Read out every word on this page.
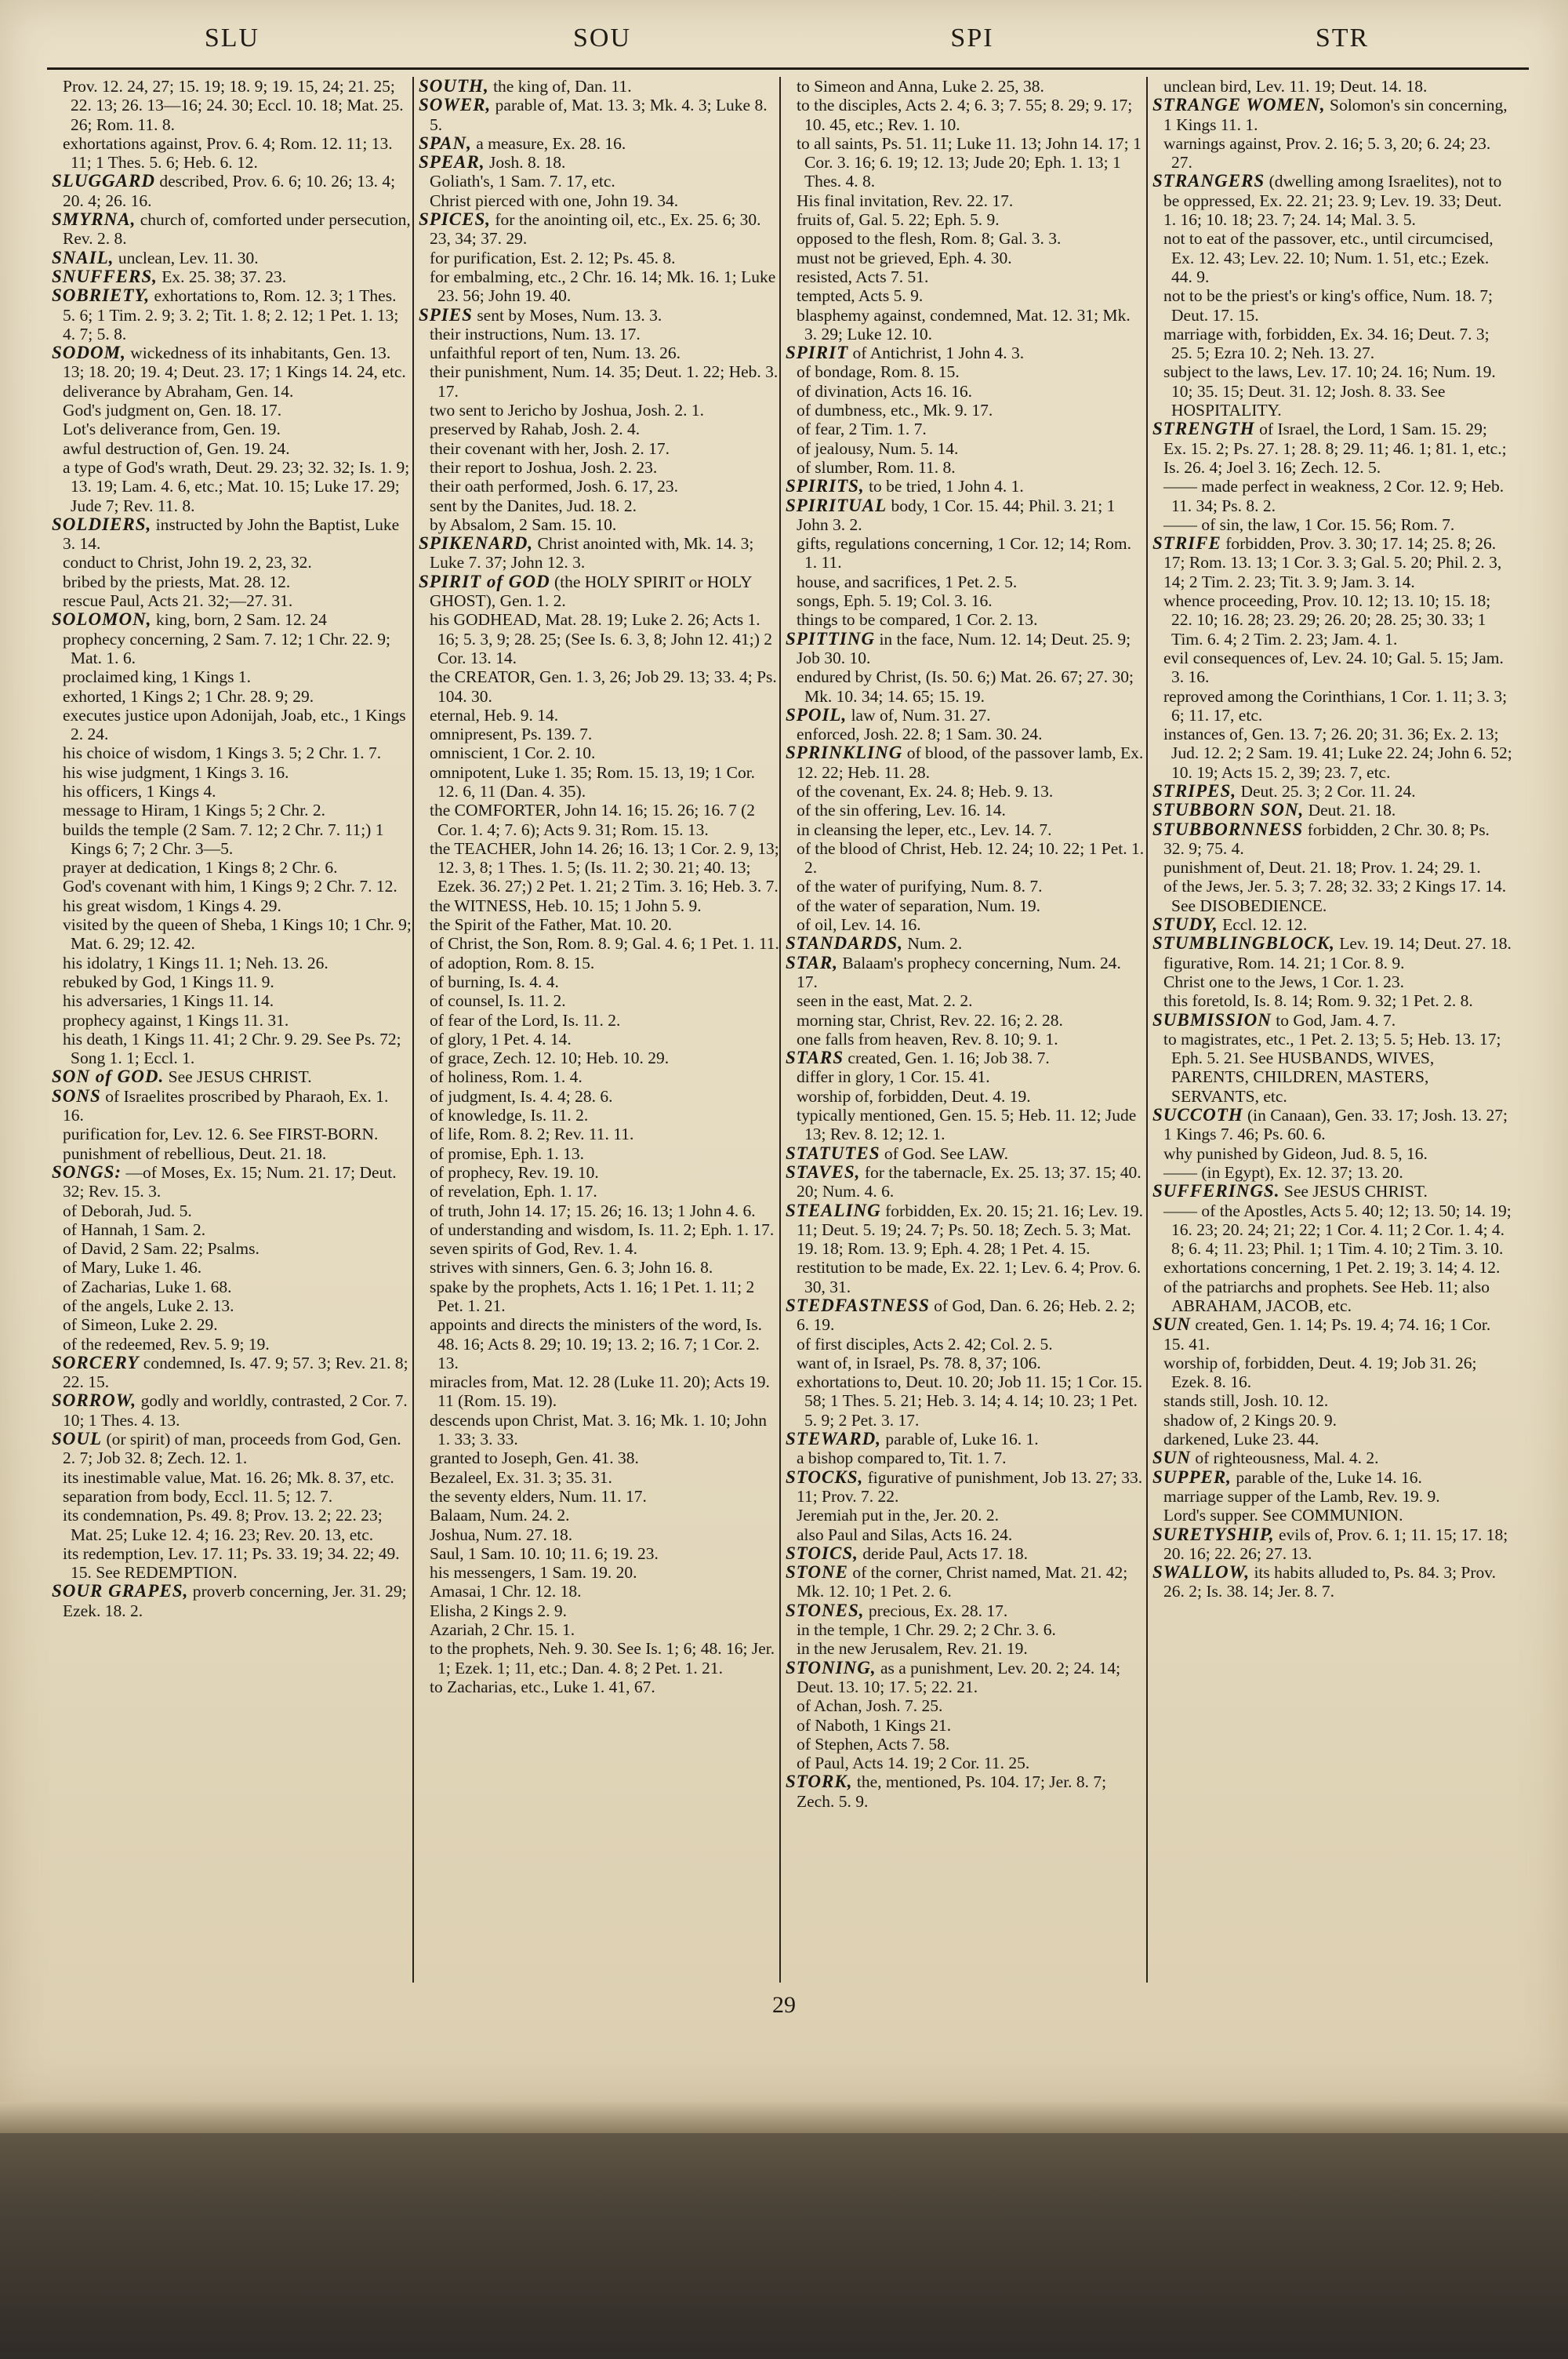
SLU	SOU	SPI	STR

Prov. 12. 24, 27; 15. 19; 18. 9; 19. 15, 24; 21. 25; 22. 13; 26. 13—16; 24. 30; Eccl. 10. 18; Mat. 25. 26; Rom. 11. 8.

exhortations against, Prov. 6. 4; Rom. 12. 11; 13. 11; 1 Thes. 5. 6; Heb. 6. 12.

SLUGGARD described, Prov. 6. 6; 10. 26; 13. 4; 20. 4; 26. 16.

SMYRNA, church of, comforted under persecution, Rev. 2. 8.

SNAIL, unclean, Lev. 11. 30.

SNUFFERS, Ex. 25. 38; 37. 23.

SOBRIETY, exhortations to, Rom. 12. 3; 1 Thes. 5. 6; 1 Tim. 2. 9; 3. 2; Tit. 1. 8; 2. 12; 1 Pet. 1. 13; 4. 7; 5. 8.

SODOM, wickedness of its inhabitants, Gen. 13. 13; 18. 20; 19. 4; Deut. 23. 17; 1 Kings 14. 24, etc.

deliverance by Abraham, Gen. 14.

God's judgment on, Gen. 18. 17.

Lot's deliverance from, Gen. 19.

awful destruction of, Gen. 19. 24.

a type of God's wrath, Deut. 29. 23; 32. 32; Is. 1. 9; 13. 19; Lam. 4. 6, etc.; Mat. 10. 15; Luke 17. 29; Jude 7; Rev. 11. 8.

SOLDIERS, instructed by John the Baptist, Luke 3. 14.

conduct to Christ, John 19. 2, 23, 32.

bribed by the priests, Mat. 28. 12.

rescue Paul, Acts 21. 32;—27. 31.

SOLOMON, king, born, 2 Sam. 12. 24

prophecy concerning, 2 Sam. 7. 12; 1 Chr. 22. 9; Mat. 1. 6.

proclaimed king, 1 Kings 1.

exhorted, 1 Kings 2; 1 Chr. 28. 9; 29.

executes justice upon Adonijah, Joab, etc., 1 Kings 2. 24.

his choice of wisdom, 1 Kings 3. 5; 2 Chr. 1. 7.

his wise judgment, 1 Kings 3. 16.

his officers, 1 Kings 4.

message to Hiram, 1 Kings 5; 2 Chr. 2.

builds the temple (2 Sam. 7. 12; 2 Chr. 7. 11;) 1 Kings 6; 7; 2 Chr. 3—5.

prayer at dedication, 1 Kings 8; 2 Chr. 6.

God's covenant with him, 1 Kings 9; 2 Chr. 7. 12.

his great wisdom, 1 Kings 4. 29.

visited by the queen of Sheba, 1 Kings 10; 1 Chr. 9; Mat. 6. 29; 12. 42.

his idolatry, 1 Kings 11. 1; Neh. 13. 26.

rebuked by God, 1 Kings 11. 9.

his adversaries, 1 Kings 11. 14.

prophecy against, 1 Kings 11. 31.

his death, 1 Kings 11. 41; 2 Chr. 9. 29. See Ps. 72; Song 1. 1; Eccl. 1.

SON of GOD. See JESUS CHRIST.

SONS of Israelites proscribed by Pharaoh, Ex. 1. 16.

purification for, Lev. 12. 6. See FIRST-BORN.

punishment of rebellious, Deut. 21. 18.

SONGS: —of Moses, Ex. 15; Num. 21. 17; Deut. 32; Rev. 15. 3.

of Deborah, Jud. 5.

of Hannah, 1 Sam. 2.

of David, 2 Sam. 22; Psalms.

of Mary, Luke 1. 46.

of Zacharias, Luke 1. 68.

of the angels, Luke 2. 13.

of Simeon, Luke 2. 29.

of the redeemed, Rev. 5. 9; 19.

SORCERY condemned, Is. 47. 9; 57. 3; Rev. 21. 8; 22. 15.

SORROW, godly and worldly, contrasted, 2 Cor. 7. 10; 1 Thes. 4. 13.

SOUL (or spirit) of man, proceeds from God, Gen. 2. 7; Job 32. 8; Zech. 12. 1.

its inestimable value, Mat. 16. 26; Mk. 8. 37, etc.

separation from body, Eccl. 11. 5; 12. 7.

its condemnation, Ps. 49. 8; Prov. 13. 2; 22. 23; Mat. 25; Luke 12. 4; 16. 23; Rev. 20. 13, etc.

its redemption, Lev. 17. 11; Ps. 33. 19; 34. 22; 49. 15. See REDEMPTION.

SOUR GRAPES, proverb concerning, Jer. 31. 29; Ezek. 18. 2.

SOUTH, the king of, Dan. 11.

SOWER, parable of, Mat. 13. 3; Mk. 4. 3; Luke 8. 5.

SPAN, a measure, Ex. 28. 16.

SPEAR, Josh. 8. 18.

Goliath's, 1 Sam. 7. 17, etc.

Christ pierced with one, John 19. 34.

SPICES, for the anointing oil, etc., Ex. 25. 6; 30. 23, 34; 37. 29.

for purification, Est. 2. 12; Ps. 45. 8.

for embalming, etc., 2 Chr. 16. 14; Mk. 16. 1; Luke 23. 56; John 19. 40.

SPIES sent by Moses, Num. 13. 3.

their instructions, Num. 13. 17.

unfaithful report of ten, Num. 13. 26.

their punishment, Num. 14. 35; Deut. 1. 22; Heb. 3. 17.

two sent to Jericho by Joshua, Josh. 2. 1.

preserved by Rahab, Josh. 2. 4.

their covenant with her, Josh. 2. 17.

their report to Joshua, Josh. 2. 23.

their oath performed, Josh. 6. 17, 23.

sent by the Danites, Jud. 18. 2.

by Absalom, 2 Sam. 15. 10.

SPIKENARD, Christ anointed with, Mk. 14. 3; Luke 7. 37; John 12. 3.

SPIRIT of GOD (the HOLY SPIRIT or HOLY GHOST), Gen. 1. 2.

his GODHEAD, Mat. 28. 19; Luke 2. 26; Acts 1. 16; 5. 3, 9; 28. 25; (See Is. 6. 3, 8; John 12. 41;) 2 Cor. 13. 14.

the CREATOR, Gen. 1. 3, 26; Job 29. 13; 33. 4; Ps. 104. 30.

eternal, Heb. 9. 14.

omnipresent, Ps. 139. 7.

omniscient, 1 Cor. 2. 10.

omnipotent, Luke 1. 35; Rom. 15. 13, 19; 1 Cor. 12. 6, 11 (Dan. 4. 35).

the COMFORTER, John 14. 16; 15. 26; 16. 7 (2 Cor. 1. 4; 7. 6); Acts 9. 31; Rom. 15. 13.

the TEACHER, John 14. 26; 16. 13; 1 Cor. 2. 9, 13; 12. 3, 8; 1 Thes. 1. 5; (Is. 11. 2; 30. 21; 40. 13; Ezek. 36. 27;) 2 Pet. 1. 21; 2 Tim. 3. 16; Heb. 3. 7.

the WITNESS, Heb. 10. 15; 1 John 5. 9.

the Spirit of the Father, Mat. 10. 20.

of Christ, the Son, Rom. 8. 9; Gal. 4. 6; 1 Pet. 1. 11.

of adoption, Rom. 8. 15.

of burning, Is. 4. 4.

of counsel, Is. 11. 2.

of fear of the Lord, Is. 11. 2.

of glory, 1 Pet. 4. 14.

of grace, Zech. 12. 10; Heb. 10. 29.

of holiness, Rom. 1. 4.

of judgment, Is. 4. 4; 28. 6.

of knowledge, Is. 11. 2.

of life, Rom. 8. 2; Rev. 11. 11.

of promise, Eph. 1. 13.

of prophecy, Rev. 19. 10.

of revelation, Eph. 1. 17.

of truth, John 14. 17; 15. 26; 16. 13; 1 John 4. 6.

of understanding and wisdom, Is. 11. 2; Eph. 1. 17.

seven spirits of God, Rev. 1. 4.

strives with sinners, Gen. 6. 3; John 16. 8.

spake by the prophets, Acts 1. 16; 1 Pet. 1. 11; 2 Pet. 1. 21.

appoints and directs the ministers of the word, Is. 48. 16; Acts 8. 29; 10. 19; 13. 2; 16. 7; 1 Cor. 2. 13.

miracles from, Mat. 12. 28 (Luke 11. 20); Acts 19. 11 (Rom. 15. 19).

descends upon Christ, Mat. 3. 16; Mk. 1. 10; John 1. 33; 3. 33.

granted to Joseph, Gen. 41. 38.

Bezaleel, Ex. 31. 3; 35. 31.

the seventy elders, Num. 11. 17.

Balaam, Num. 24. 2.

Joshua, Num. 27. 18.

Saul, 1 Sam. 10. 10; 11. 6; 19. 23.

his messengers, 1 Sam. 19. 20.

Amasai, 1 Chr. 12. 18.

Elisha, 2 Kings 2. 9.

Azariah, 2 Chr. 15. 1.

to the prophets, Neh. 9. 30. See Is. 1; 6; 48. 16; Jer. 1; Ezek. 1; 11, etc.; Dan. 4. 8; 2 Pet. 1. 21.

to Zacharias, etc., Luke 1. 41, 67.

to Simeon and Anna, Luke 2. 25, 38.

to the disciples, Acts 2. 4; 6. 3; 7. 55; 8. 29; 9. 17; 10. 45, etc.; Rev. 1. 10.

to all saints, Ps. 51. 11; Luke 11. 13; John 14. 17; 1 Cor. 3. 16; 6. 19; 12. 13; Jude 20; Eph. 1. 13; 1 Thes. 4. 8.

His final invitation, Rev. 22. 17.

fruits of, Gal. 5. 22; Eph. 5. 9.

opposed to the flesh, Rom. 8; Gal. 3. 3.

must not be grieved, Eph. 4. 30.

resisted, Acts 7. 51.

tempted, Acts 5. 9.

blasphemy against, condemned, Mat. 12. 31; Mk. 3. 29; Luke 12. 10.

SPIRIT of Antichrist, 1 John 4. 3.

of bondage, Rom. 8. 15.

of divination, Acts 16. 16.

of dumbness, etc., Mk. 9. 17.

of fear, 2 Tim. 1. 7.

of jealousy, Num. 5. 14.

of slumber, Rom. 11. 8.

SPIRITS, to be tried, 1 John 4. 1.

SPIRITUAL body, 1 Cor. 15. 44; Phil. 3. 21; 1 John 3. 2.

gifts, regulations concerning, 1 Cor. 12; 14; Rom. 1. 11.

house, and sacrifices, 1 Pet. 2. 5.

songs, Eph. 5. 19; Col. 3. 16.

things to be compared, 1 Cor. 2. 13.

SPITTING in the face, Num. 12. 14; Deut. 25. 9; Job 30. 10.

endured by Christ, (Is. 50. 6;) Mat. 26. 67; 27. 30; Mk. 10. 34; 14. 65; 15. 19.

SPOIL, law of, Num. 31. 27.

enforced, Josh. 22. 8; 1 Sam. 30. 24.

SPRINKLING of blood, of the passover lamb, Ex. 12. 22; Heb. 11. 28.

of the covenant, Ex. 24. 8; Heb. 9. 13.

of the sin offering, Lev. 16. 14.

in cleansing the leper, etc., Lev. 14. 7.

of the blood of Christ, Heb. 12. 24; 10. 22; 1 Pet. 1. 2.

of the water of purifying, Num. 8. 7.

of the water of separation, Num. 19.

of oil, Lev. 14. 16.

STANDARDS, Num. 2.

STAR, Balaam's prophecy concerning, Num. 24. 17.

seen in the east, Mat. 2. 2.

morning star, Christ, Rev. 22. 16; 2. 28.

one falls from heaven, Rev. 8. 10; 9. 1.

STARS created, Gen. 1. 16; Job 38. 7.

differ in glory, 1 Cor. 15. 41.

worship of, forbidden, Deut. 4. 19.

typically mentioned, Gen. 15. 5; Heb. 11. 12; Jude 13; Rev. 8. 12; 12. 1.

STATUTES of God. See LAW.

STAVES, for the tabernacle, Ex. 25. 13; 37. 15; 40. 20; Num. 4. 6.

STEALING forbidden, Ex. 20. 15; 21. 16; Lev. 19. 11; Deut. 5. 19; 24. 7; Ps. 50. 18; Zech. 5. 3; Mat. 19. 18; Rom. 13. 9; Eph. 4. 28; 1 Pet. 4. 15.

restitution to be made, Ex. 22. 1; Lev. 6. 4; Prov. 6. 30, 31.

STEDFASTNESS of God, Dan. 6. 26; Heb. 2. 2; 6. 19.

of first disciples, Acts 2. 42; Col. 2. 5.

want of, in Israel, Ps. 78. 8, 37; 106.

exhortations to, Deut. 10. 20; Job 11. 15; 1 Cor. 15. 58; 1 Thes. 5. 21; Heb. 3. 14; 4. 14; 10. 23; 1 Pet. 5. 9; 2 Pet. 3. 17.

STEWARD, parable of, Luke 16. 1.

a bishop compared to, Tit. 1. 7.

STOCKS, figurative of punishment, Job 13. 27; 33. 11; Prov. 7. 22.

Jeremiah put in the, Jer. 20. 2.

also Paul and Silas, Acts 16. 24.

STOICS, deride Paul, Acts 17. 18.

STONE of the corner, Christ named, Mat. 21. 42; Mk. 12. 10; 1 Pet. 2. 6.

STONES, precious, Ex. 28. 17.

in the temple, 1 Chr. 29. 2; 2 Chr. 3. 6.

in the new Jerusalem, Rev. 21. 19.

STONING, as a punishment, Lev. 20. 2; 24. 14; Deut. 13. 10; 17. 5; 22. 21.

of Achan, Josh. 7. 25.

of Naboth, 1 Kings 21.

of Stephen, Acts 7. 58.

of Paul, Acts 14. 19; 2 Cor. 11. 25.

STORK, the, mentioned, Ps. 104. 17; Jer. 8. 7; Zech. 5. 9.

unclean bird, Lev. 11. 19; Deut. 14. 18.

STRANGE WOMEN, Solomon's sin concerning, 1 Kings 11. 1.

warnings against, Prov. 2. 16; 5. 3, 20; 6. 24; 23. 27.

STRANGERS (dwelling among Israelites), not to be oppressed, Ex. 22. 21; 23. 9; Lev. 19. 33; Deut. 1. 16; 10. 18; 23. 7; 24. 14; Mal. 3. 5.

not to eat of the passover, etc., until circumcised, Ex. 12. 43; Lev. 22. 10; Num. 1. 51, etc.; Ezek. 44. 9.

not to be the priest's or king's office, Num. 18. 7; Deut. 17. 15.

marriage with, forbidden, Ex. 34. 16; Deut. 7. 3; 25. 5; Ezra 10. 2; Neh. 13. 27.

subject to the laws, Lev. 17. 10; 24. 16; Num. 19. 10; 35. 15; Deut. 31. 12; Josh. 8. 33. See HOSPITALITY.

STRENGTH of Israel, the Lord, 1 Sam. 15. 29; Ex. 15. 2; Ps. 27. 1; 28. 8; 29. 11; 46. 1; 81. 1, etc.; Is. 26. 4; Joel 3. 16; Zech. 12. 5.

—— made perfect in weakness, 2 Cor. 12. 9; Heb. 11. 34; Ps. 8. 2.

—— of sin, the law, 1 Cor. 15. 56; Rom. 7.

STRIFE forbidden, Prov. 3. 30; 17. 14; 25. 8; 26. 17; Rom. 13. 13; 1 Cor. 3. 3; Gal. 5. 20; Phil. 2. 3, 14; 2 Tim. 2. 23; Tit. 3. 9; Jam. 3. 14.

whence proceeding, Prov. 10. 12; 13. 10; 15. 18; 22. 10; 16. 28; 23. 29; 26. 20; 28. 25; 30. 33; 1 Tim. 6. 4; 2 Tim. 2. 23; Jam. 4. 1.

evil consequences of, Lev. 24. 10; Gal. 5. 15; Jam. 3. 16.

reproved among the Corinthians, 1 Cor. 1. 11; 3. 3; 6; 11. 17, etc.

instances of, Gen. 13. 7; 26. 20; 31. 36; Ex. 2. 13; Jud. 12. 2; 2 Sam. 19. 41; Luke 22. 24; John 6. 52; 10. 19; Acts 15. 2, 39; 23. 7, etc.

STRIPES, Deut. 25. 3; 2 Cor. 11. 24.

STUBBORN SON, Deut. 21. 18.

STUBBORNNESS forbidden, 2 Chr. 30. 8; Ps. 32. 9; 75. 4.

punishment of, Deut. 21. 18; Prov. 1. 24; 29. 1.

of the Jews, Jer. 5. 3; 7. 28; 32. 33; 2 Kings 17. 14. See DISOBEDIENCE.

STUDY, Eccl. 12. 12.

STUMBLINGBLOCK, Lev. 19. 14; Deut. 27. 18.

figurative, Rom. 14. 21; 1 Cor. 8. 9.

Christ one to the Jews, 1 Cor. 1. 23.

this foretold, Is. 8. 14; Rom. 9. 32; 1 Pet. 2. 8.

SUBMISSION to God, Jam. 4. 7.

to magistrates, etc., 1 Pet. 2. 13; 5. 5; Heb. 13. 17; Eph. 5. 21. See HUSBANDS, WIVES, PARENTS, CHILDREN, MASTERS, SERVANTS, etc.

SUCCOTH (in Canaan), Gen. 33. 17; Josh. 13. 27; 1 Kings 7. 46; Ps. 60. 6.

why punished by Gideon, Jud. 8. 5, 16.

—— (in Egypt), Ex. 12. 37; 13. 20.

SUFFERINGS. See JESUS CHRIST.

—— of the Apostles, Acts 5. 40; 12; 13. 50; 14. 19; 16. 23; 20. 24; 21; 22; 1 Cor. 4. 11; 2 Cor. 1. 4; 4. 8; 6. 4; 11. 23; Phil. 1; 1 Tim. 4. 10; 2 Tim. 3. 10.

exhortations concerning, 1 Pet. 2. 19; 3. 14; 4. 12.

of the patriarchs and prophets. See Heb. 11; also ABRAHAM, JACOB, etc.

SUN created, Gen. 1. 14; Ps. 19. 4; 74. 16; 1 Cor. 15. 41.

worship of, forbidden, Deut. 4. 19; Job 31. 26; Ezek. 8. 16.

stands still, Josh. 10. 12.

shadow of, 2 Kings 20. 9.

darkened, Luke 23. 44.

SUN of righteousness, Mal. 4. 2.

SUPPER, parable of the, Luke 14. 16.

marriage supper of the Lamb, Rev. 19. 9.

Lord's supper. See COMMUNION.

SURETYSHIP, evils of, Prov. 6. 1; 11. 15; 17. 18; 20. 16; 22. 26; 27. 13.

SWALLOW, its habits alluded to, Ps. 84. 3; Prov. 26. 2; Is. 38. 14; Jer. 8. 7.

29
